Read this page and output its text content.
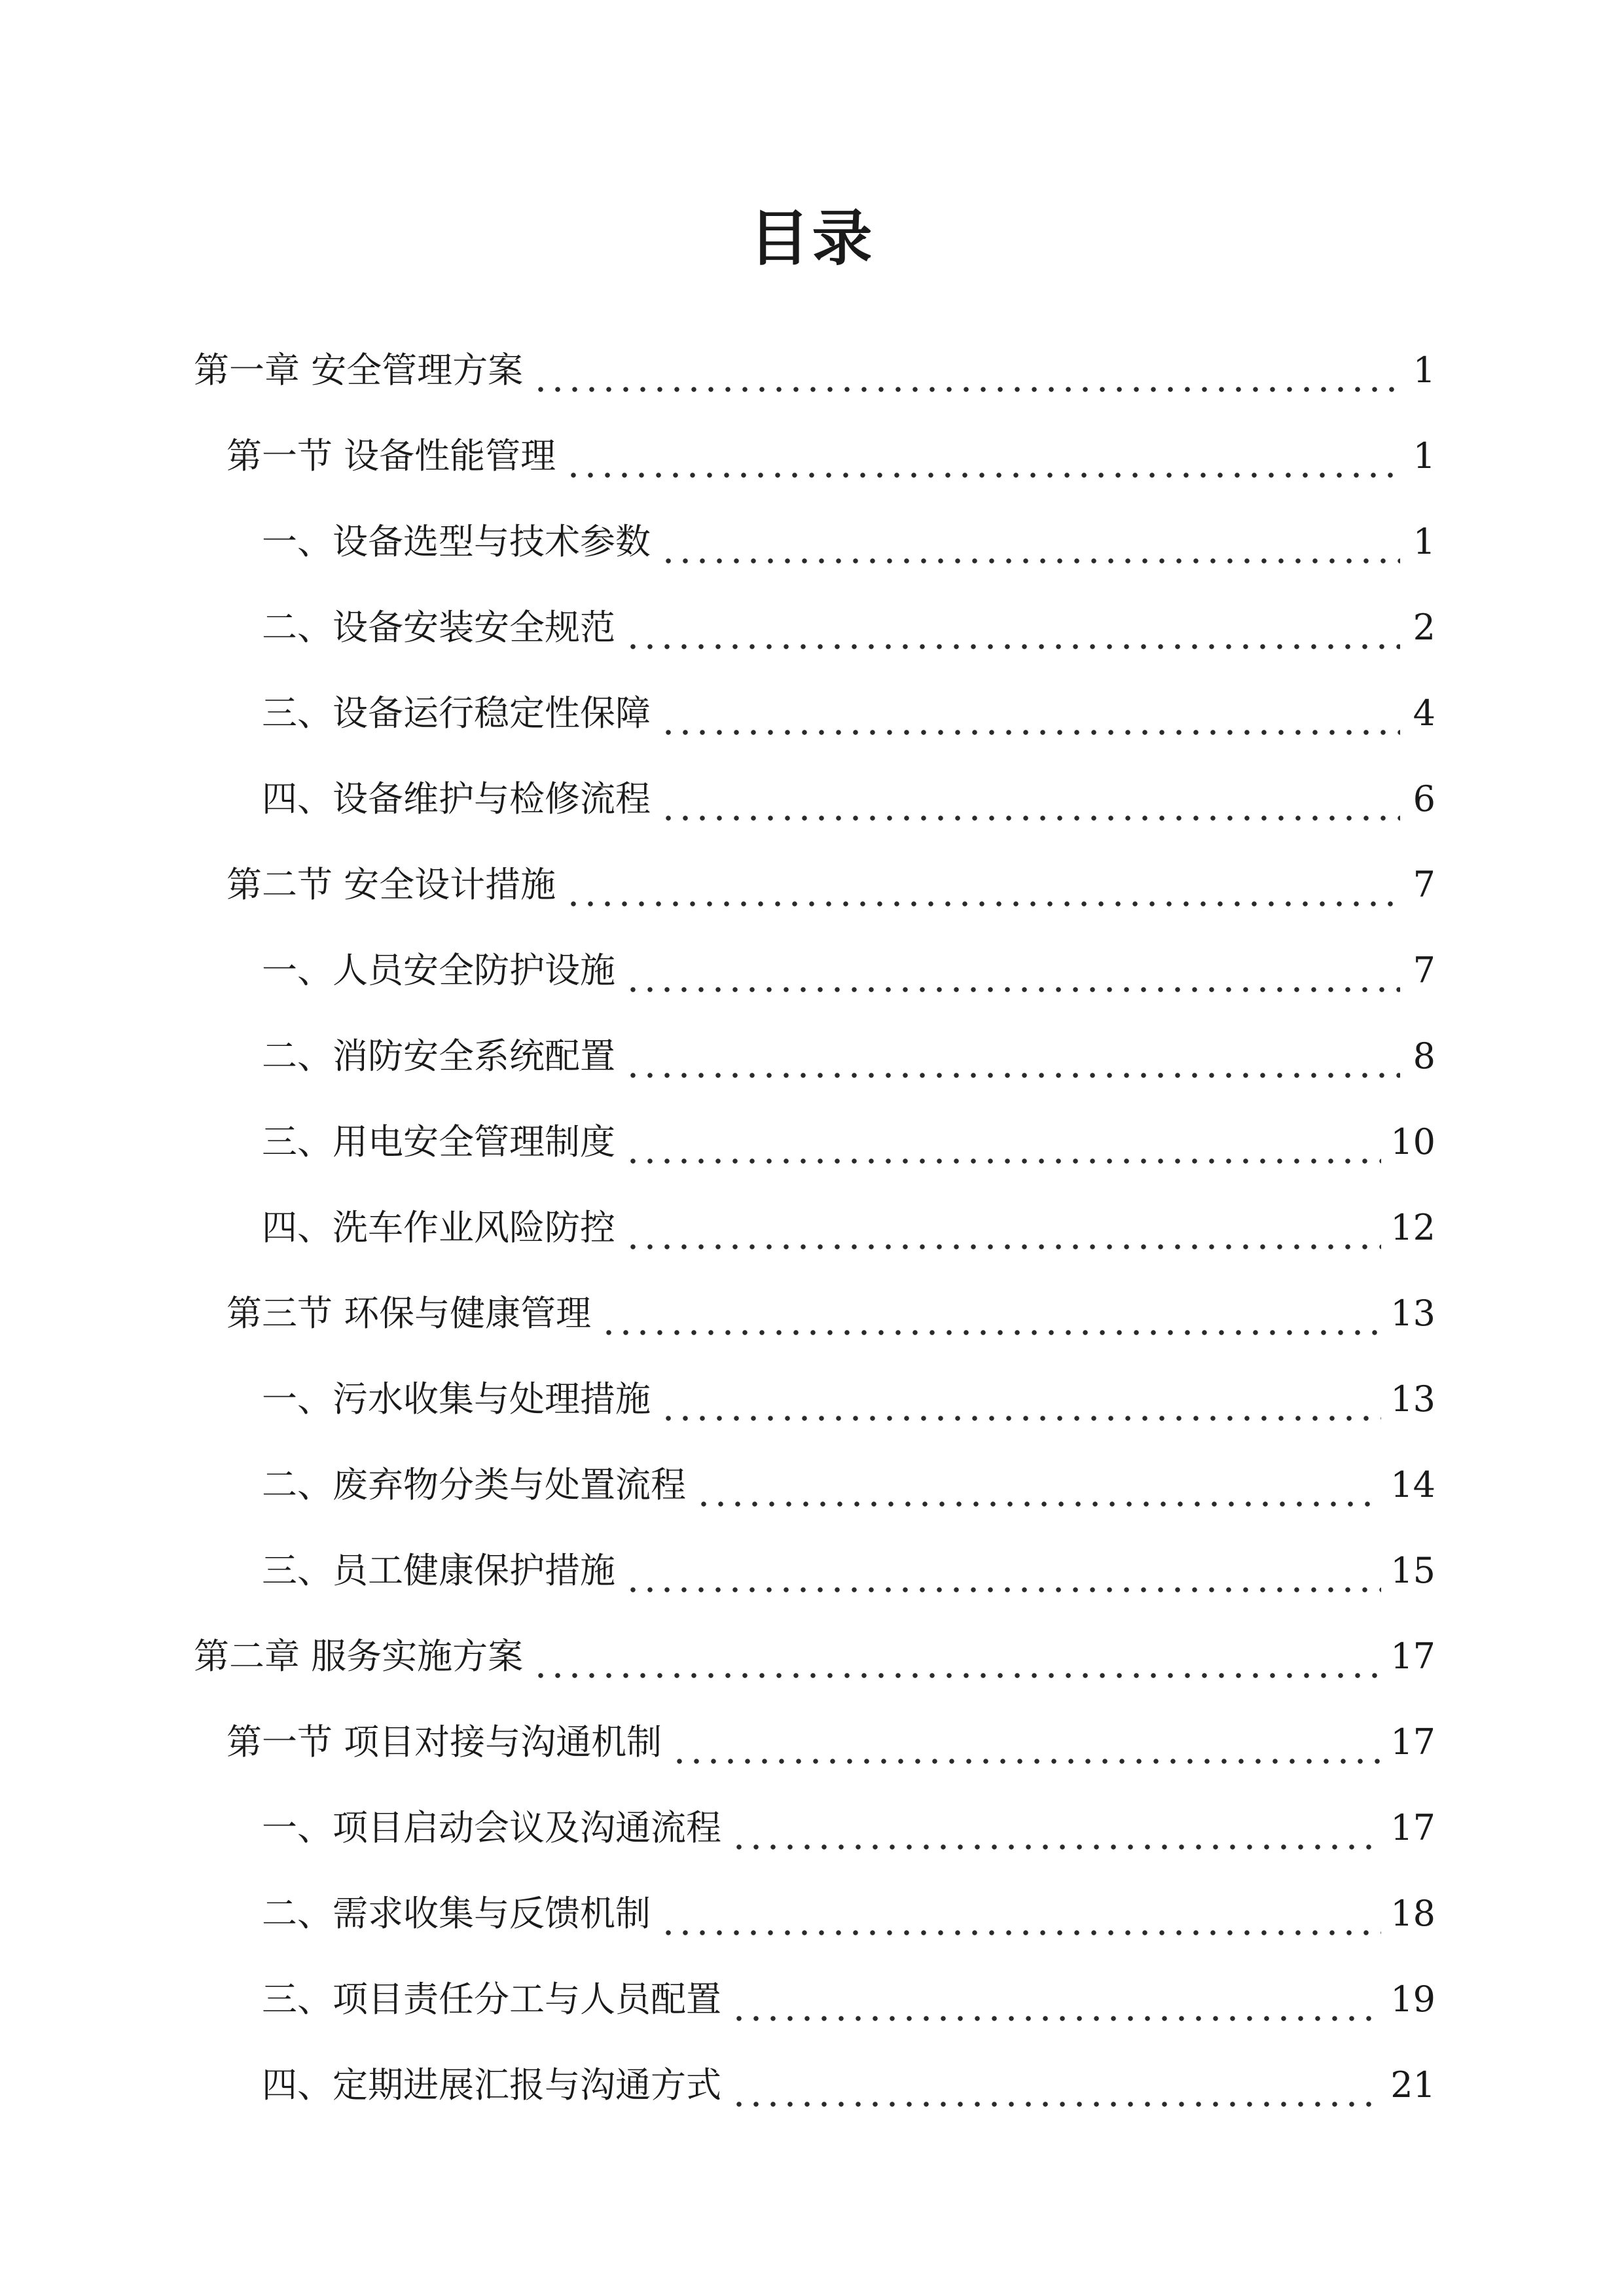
目录
第一章 安全管理方案	1
第一节 设备性能管理	1
一、设备选型与技术参数	1
二、设备安装安全规范	2
三、设备运行稳定性保障	4
四、设备维护与检修流程	6
第二节 安全设计措施	7
一、人员安全防护设施	7
二、消防安全系统配置	8
三、用电安全管理制度	10
四、洗车作业风险防控	12
第三节 环保与健康管理	13
一、污水收集与处理措施	13
二、废弃物分类与处置流程	14
三、员工健康保护措施	15
第二章 服务实施方案	17
第一节 项目对接与沟通机制	17
一、项目启动会议及沟通流程	17
二、需求收集与反馈机制	18
三、项目责任分工与人员配置	19
四、定期进展汇报与沟通方式	21
